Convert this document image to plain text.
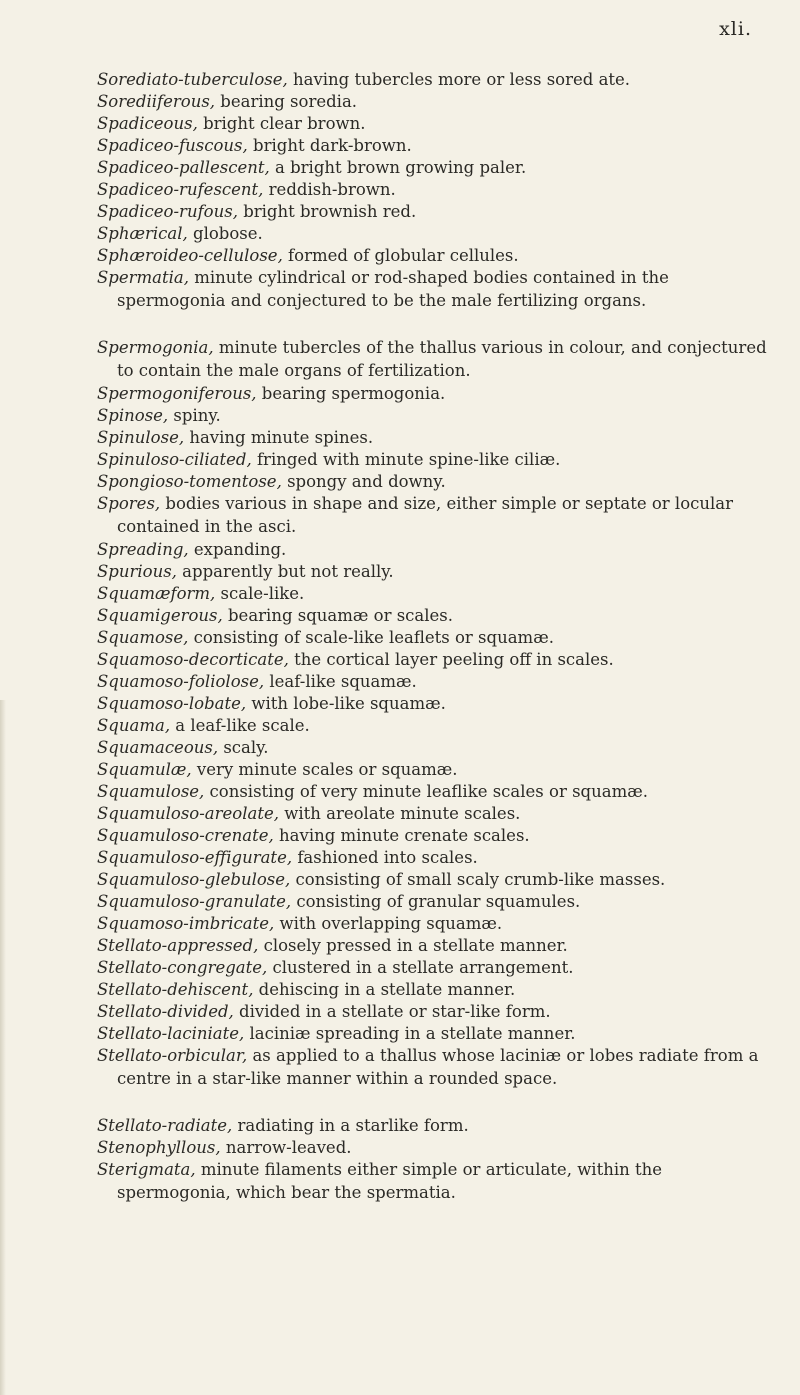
xli.

Sorediato-tuberculose, having tubercles more or less sored ate.

Sorediiferous, bearing soredia.

Spadiceous, bright clear brown.

Spadiceo-fuscous, bright dark-brown.

Spadiceo-pallescent, a bright brown growing paler.

Spadiceo-rufescent, reddish-brown.

Spadiceo-rufous, bright brownish red.

Sphærical, globose.

Sphæroideo-cellulose, formed of globular cellules.

Spermatia, minute cylindrical or rod-shaped bodies contained in the spermogonia and conjectured to be the male fertilizing organs.

Spermogonia, minute tubercles of the thallus various in colour, and conjectured to contain the male organs of fertilization.

Spermogoniferous, bearing spermogonia.

Spinose, spiny.

Spinulose, having minute spines.

Spinuloso-ciliated, fringed with minute spine-like ciliæ.

Spongioso-tomentose, spongy and downy.

Spores, bodies various in shape and size, either simple or septate or locular contained in the asci.

Spreading, expanding.

Spurious, apparently but not really.

Squamæform, scale-like.

Squamigerous, bearing squamæ or scales.

Squamose, consisting of scale-like leaflets or squamæ.

Squamoso-decorticate, the cortical layer peeling off in scales.

Squamoso-foliolose, leaf-like squamæ.

Squamoso-lobate, with lobe-like squamæ.

Squama, a leaf-like scale.

Squamaceous, scaly.

Squamulæ, very minute scales or squamæ.

Squamulose, consisting of very minute leaflike scales or squamæ.

Squamuloso-areolate, with areolate minute scales.

Squamuloso-crenate, having minute crenate scales.

Squamuloso-effigurate, fashioned into scales.

Squamuloso-glebulose, consisting of small scaly crumb-like masses.

Squamuloso-granulate, consisting of granular squamules.

Squamoso-imbricate, with overlapping squamæ.

Stellato-appressed, closely pressed in a stellate manner.

Stellato-congregate, clustered in a stellate arrangement.

Stellato-dehiscent, dehiscing in a stellate manner.

Stellato-divided, divided in a stellate or star-like form.

Stellato-laciniate, laciniæ spreading in a stellate manner.

Stellato-orbicular, as applied to a thallus whose laciniæ or lobes radiate from a centre in a star-like manner within a rounded space.

Stellato-radiate, radiating in a starlike form.

Stenophyllous, narrow-leaved.

Sterigmata, minute filaments either simple or articulate, within the spermogonia, which bear the spermatia.
